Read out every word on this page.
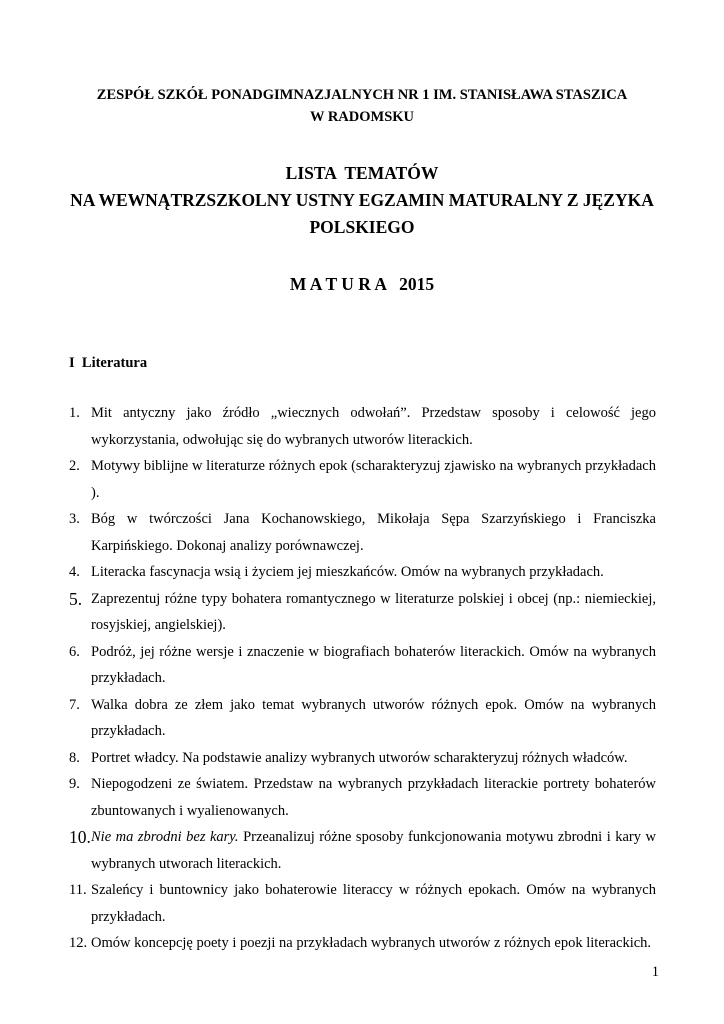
ZESPÓŁ SZKÓŁ PONADGIMNAZJALNYCH NR 1 IM. STANISŁAWA STASZICA
W RADOMSKU
LISTA  TEMATÓW
NA WEWNĄTRZSZKOLNY USTNY EGZAMIN MATURALNY Z JĘZYKA
POLSKIEGO
M A T U R A   2015
I  Literatura
1. Mit antyczny jako źródło „wiecznych odwołań”. Przedstaw sposoby i celowość jego wykorzystania, odwołując się do wybranych utworów literackich.
2. Motywy biblijne w literaturze różnych epok (scharakteryzuj zjawisko na wybranych przykładach ).
3. Bóg w twórczości Jana Kochanowskiego, Mikołaja Sępa Szarzyńskiego i Franciszka Karpińskiego. Dokonaj analizy porównawczej.
4. Literacka fascynacja wsią i życiem jej mieszkańców. Omów na wybranych przykładach.
5. Zaprezentuj różne typy bohatera romantycznego w literaturze polskiej i obcej (np.: niemieckiej, rosyjskiej, angielskiej).
6. Podróż, jej różne wersje i znaczenie w biografiach bohaterów literackich. Omów na wybranych przykładach.
7. Walka dobra ze złem jako temat wybranych utworów różnych epok. Omów na wybranych przykładach.
8. Portret władcy. Na podstawie analizy wybranych utworów scharakteryzuj różnych władców.
9. Niepogodzeni ze światem. Przedstaw na wybranych przykładach literackie portrety bohaterów zbuntowanych i wyalienowanych.
10. Nie ma zbrodni bez kary. Przeanalizuj różne sposoby funkcjonowania motywu zbrodni i kary w wybranych utworach literackich.
11. Szaleńcy i buntownicy jako bohaterowie literaccy w różnych epokach. Omów na wybranych przykładach.
12. Omów koncepcję poety i poezji na przykładach wybranych utworów z różnych epok literackich.
1
